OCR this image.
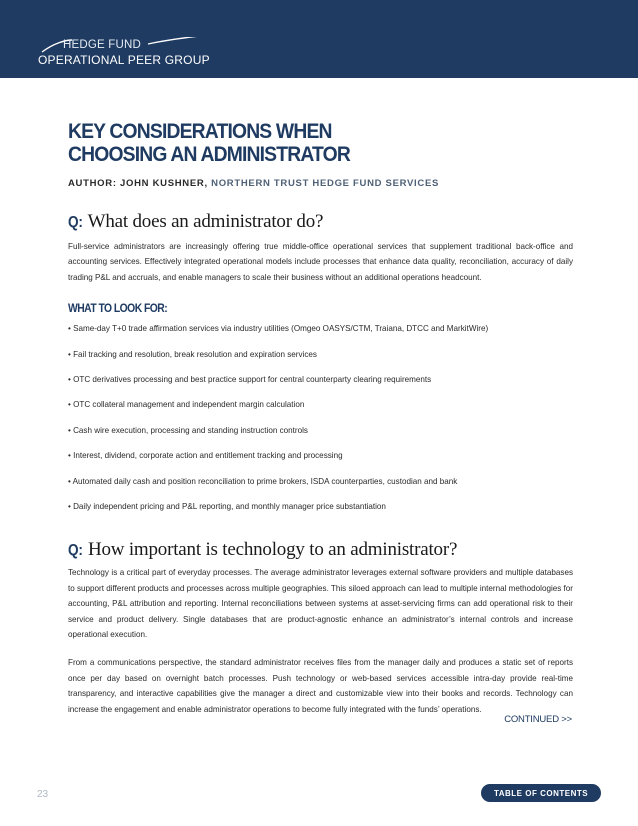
HEDGE FUND
OPERATIONAL PEER GROUP
KEY CONSIDERATIONS WHEN
CHOOSING AN ADMINISTRATOR
AUTHOR: JOHN KUSHNER, NORTHERN TRUST HEDGE FUND SERVICES
Q: What does an administrator do?

Full-service administrators are increasingly offering true middle-office operational services that supplement traditional back-office and accounting services. Effectively integrated operational models include processes that enhance data quality, reconciliation, accuracy of daily trading P&L and accruals, and enable managers to scale their business without an additional operations headcount.

WHAT TO LOOK FOR:
• Same-day T+0 trade affirmation services via industry utilities (Omgeo OASYS/CTM, Traiana, DTCC and MarkitWire)
• Fail tracking and resolution, break resolution and expiration services
• OTC derivatives processing and best practice support for central counterparty clearing requirements
• OTC collateral management and independent margin calculation
• Cash wire execution, processing and standing instruction controls
• Interest, dividend, corporate action and entitlement tracking and processing
• Automated daily cash and position reconciliation to prime brokers, ISDA counterparties, custodian and bank
• Daily independent pricing and P&L reporting, and monthly manager price substantiation
Q: How important is technology to an administrator?

Technology is a critical part of everyday processes. The average administrator leverages external software providers and multiple databases to support different products and processes across multiple geographies. This siloed approach can lead to multiple internal methodologies for accounting, P&L attribution and reporting. Internal reconciliations between systems at asset-servicing firms can add operational risk to their service and product delivery. Single databases that are product-agnostic enhance an administrator’s internal controls and increase operational execution.

From a communications perspective, the standard administrator receives files from the manager daily and produces a static set of reports once per day based on overnight batch processes. Push technology or web-based services accessible intra-day provide real-time transparency, and interactive capabilities give the manager a direct and customizable view into their books and records. Technology can increase the engagement and enable administrator operations to become fully integrated with the funds’ operations.

CONTINUED >>
23	TABLE OF CONTENTS
